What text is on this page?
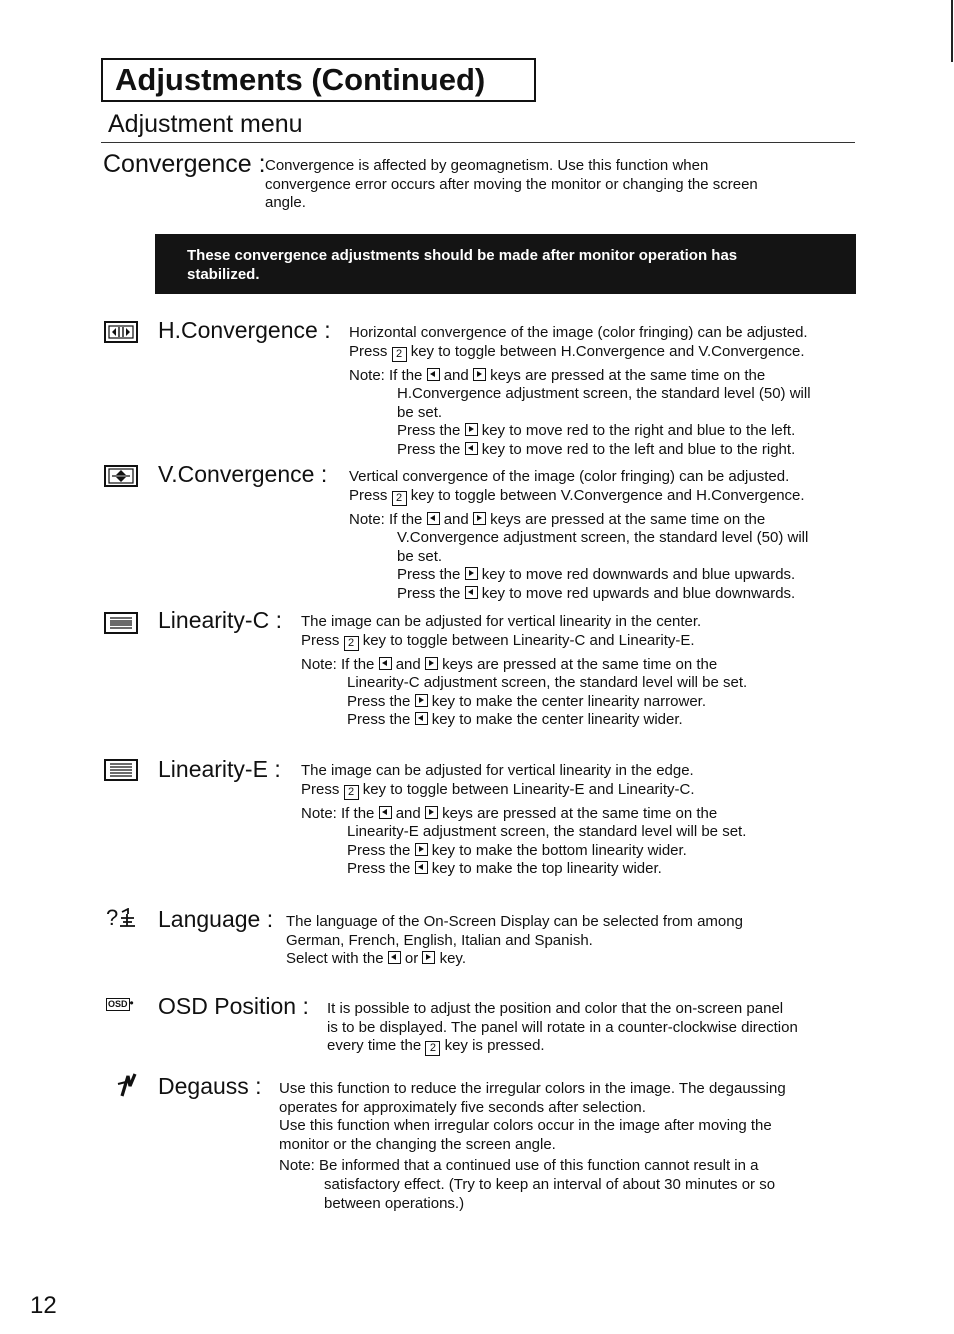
Adjustments (Continued)
Adjustment menu
Convergence : Convergence is affected by geomagnetism. Use this function when
convergence error occurs after moving the monitor or changing the screen
angle.
These convergence adjustments should be made after monitor operation has
stabilized.
H.Convergence : Horizontal convergence of the image (color fringing) can be adjusted.
Press 2 key to toggle between H.Convergence and V.Convergence.
Note: If the and keys are pressed at the same time on the
H.Convergence adjustment screen, the standard level (50) will
be set.
Press the key to move red to the right and blue to the left.
Press the key to move red to the left and blue to the right.
V.Convergence : Vertical convergence of the image (color fringing) can be adjusted.
Press 2 key to toggle between V.Convergence and H.Convergence.
Note: If the and keys are pressed at the same time on the
V.Convergence adjustment screen, the standard level (50) will
be set.
Press the key to move red downwards and blue upwards.
Press the key to move red upwards and blue downwards.
Linearity-C : The image can be adjusted for vertical linearity in the center.
Press 2 key to toggle between Linearity-C and Linearity-E.
Note: If the and keys are pressed at the same time on the
Linearity-C adjustment screen, the standard level will be set.
Press the key to make the center linearity narrower.
Press the key to make the center linearity wider.
Linearity-E : The image can be adjusted for vertical linearity in the edge.
Press 2 key to toggle between Linearity-E and Linearity-C.
Note: If the and keys are pressed at the same time on the
Linearity-E adjustment screen, the standard level will be set.
Press the key to make the bottom linearity wider.
Press the key to make the top linearity wider.
?	Language : The language of the On-Screen Display can be selected from among
German, French, English, Italian and Spanish.
Select with the or key.
OSD • OSD Position : It is possible to adjust the position and color that the on-screen panel
is to be displayed. The panel will rotate in a counter-clockwise direction
every time the 2 key is pressed.
Degauss : Use this function to reduce the irregular colors in the image. The degaussing
operates for approximately five seconds after selection.
Use this function when irregular colors occur in the image after moving the
monitor or the changing the screen angle.
Note: Be informed that a continued use of this function cannot result in a
satisfactory effect. (Try to keep an interval of about 30 minutes or so
between operations.)
12
